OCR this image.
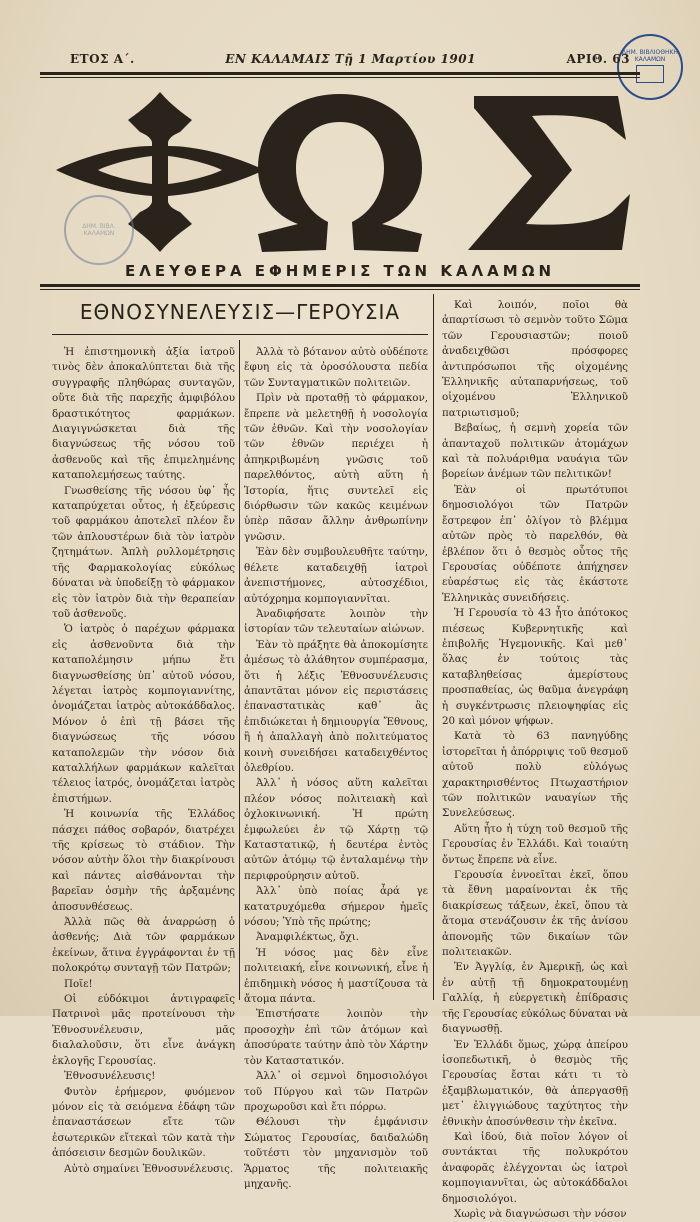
ΔΗΜ. ΒΙΒΛΙΟΘΗΚΗ ΚΑΛΑΜΩΝ
ΕΤΟΣ Α΄.	ΕΝ ΚΑΛΑΜΑΙΣ Τῇ 1 Μαρτίου 1901	ΑΡΙΘ. 63
ΔΗΜ. ΒΙΒΛ. ΚΑΛΑΜΩΝ
ΕΛΕΥΘΕΡΑ ΕΦΗΜΕΡΙΣ ΤΩΝ ΚΑΛΑΜΩΝ
ΕΘΝΟΣΥΝΕΛΕΥΣΙΣ—ΓΕΡΟΥΣΙΑ

Ἡ ἐπιστημονικὴ ἀξία ἰατροῦ τινὸς δὲν ἀποκαλύπτεται διὰ τῆς συγγραφῆς πληθώρας συνταγῶν, οὔτε διὰ τῆς παρεχῆς ἀμφιβόλου δραστικότητος φαρμάκων. Διαγιγνώσκεται διὰ τῆς διαγνώσεως τῆς νόσου τοῦ ἀσθενοῦς καὶ τῆς ἐπιμελημένης καταπολεμήσεως ταύτης.

Γνωσθείσης τῆς νόσου ὑφ᾽ ἧς καταπρύχεται οὗτος, ἡ ἐξεύρεσις τοῦ φαρμάκου ἀποτελεῖ πλέον ἔν τῶν ἁπλουστέρων διὰ τὸν ἰατρὸν ζητημάτων. Ἁπλὴ ρυλλομέτρησις τῆς Φαρμακολογίας εὐκόλως δύναται νὰ ὑποδείξῃ τὸ φάρμακον εἰς τὸν ἰατρὸν διὰ τὴν θεραπείαν τοῦ ἀσθενοῦς.

Ὁ ἰατρὸς ὁ παρέχων φάρμακα εἰς ἀσθενοῦντα διὰ τὴν καταπολέμησιν μήπω ἔτι διαγνωσθείσης ὑπ᾽ αὐτοῦ νόσου, λέγεται ἰατρὸς κομπογιαννίτης, ὀνομάζεται ἰατρὸς αὐτοκάδδαλος. Μόνον ὁ ἐπὶ τῇ βάσει τῆς διαγνώσεως τῆς νόσου καταπολεμῶν τὴν νόσον διὰ καταλλήλων φαρμάκων καλεῖται τέλειος ἰατρός, ὀνομάζεται ἰατρὸς ἐπιστήμων.

Ἡ κοινωνία τῆς Ἑλλάδος πάσχει πάθος σοβαρόν, διατρέχει τῆς κρίσεως τὸ στάδιον. Τὴν νόσον αὐτὴν ὅλοι τὴν διακρίνουσι καὶ πάντες αἰσθάνονται τὴν βαρεῖαν ὀσμὴν τῆς ἀρξαμένης ἀποσυνθέσεως.

Ἀλλὰ πῶς θὰ ἀναρρώσῃ ὁ ἀσθενής; Διὰ τῶν φαρμάκων ἐκείνων, ἅτινα ἐγγράφονται ἐν τῇ πολοκρότῳ συνταγῇ τῶν Πατρῶν;

Ποῖε!

Οἱ εὐδόκιμοι ἀντιγραφεῖς Πατρινοὶ μᾶς προτείνουσι τὴν Ἐθνοσυνέλευσιν, μᾶς διαλαλοῦσιν, ὅτι εἶνε ἀνάγκη ἐκλογῆς Γερουσίας.

Ἐθνοσυνέλευσις!

Φυτὸν ἐρήμερον, φυόμενον μόνον εἰς τὰ σειόμενα ἐδάφη τῶν ἐπαναστάσεων εἴτε τῶν ἐσωτερικῶν εἴτεκαὶ τῶν κατὰ τὴν ἀπόσεισιν δεσμῶν δουλικῶν.

Αὐτὸ σημαίνει Ἐθνοσυνέλευσις.

Ἀλλὰ τὸ βότανον αὐτὸ οὐδέποτε ἔφυη εἰς τὰ ὀροσόλουστα πεδία τῶν Συνταγματικῶν πολιτειῶν.

Πρὶν νὰ προταθῇ τὸ φάρμακον, ἔπρεπε νὰ μελετηθῇ ἡ νοσολογία τῶν ἐθνῶν. Καὶ τὴν νοσολογίαν τῶν ἐθνῶν περιέχει ἡ ἀπηκριβωμένη γνῶσις τοῦ παρελθόντος, αὐτὴ αὕτη ἡ Ἱστορία, ἥτις συντελεῖ εἰς διόρθωσιν τῶν κακῶς κειμένων ὑπὲρ πᾶσαν ἄλλην ἀνθρωπίνην γνῶσιν.

Ἐὰν δὲν συμβουλευθῆτε ταύτην, θέλετε καταδειχθῇ ἰατροὶ ἀνεπιστήμονες, αὐτοσχέδιοι, αὐτόχρημα κομπογιαννῖται.

Ἀναδιφήσατε λοιπὸν τὴν ἱστορίαν τῶν τελευταίων αἰώνων.

Ἐὰν τὸ πράξητε θὰ ἀποκομίσητε ἀμέσως τὸ ἀλάθητον συμπέρασμα, ὅτι ἡ λέξις Ἐθνοσυνέλευσις ἀπαντᾶται μόνον εἰς περιστάσεις ἐπαναστατικὰς καθ᾽ ἃς ἐπιδιώκεται ἡ δημιουργία Ἔθνους, ἢ ἡ ἀπαλλαγὴ ἀπὸ πολιτεύματος κοινὴ συνειδήσει καταδειχθέντος ὀλεθρίου.

Ἀλλ᾽ ἡ νόσος αὕτη καλεῖται πλέον νόσος πολιτειακὴ καὶ ὀχλοκινωνική. Ἡ πρώτη ἐμφωλεύει ἐν τῷ Χάρτῃ τῷ Καταστατικῷ, ἡ δευτέρα ἐντὸς αὐτῶν ἀτόμῳ τῷ ἐνταλαμένῳ τὴν περιφρούρησιν αὐτοῦ.

Ἀλλ᾽ ὑπὸ ποίας ἆρά γε κατατρυχόμεθα σήμερον ἡμεῖς νόσου; Ὑπὸ τῆς πρώτης;

Ἀναμφιλέκτως, ὄχι.

Ἡ νόσος μας δὲν εἶνε πολιτειακή, εἶνε κοινωνική, εἶνε ἡ ἐπιδημικὴ νόσος ἡ μαστίζουσα τὰ ἄτομα πάντα.

Ἐπιστήσατε λοιπὸν τὴν προσοχὴν ἐπὶ τῶν ἀτόμων καὶ ἀποσύρατε ταύτην ἀπὸ τὸν Χάρτην τὸν Καταστατικόν.

Ἀλλ᾽ οἱ σεμνοὶ δημοσιολόγοι τοῦ Πύργου καὶ τῶν Πατρῶν προχωροῦσι καὶ ἔτι πόρρω.

Θέλουσι τὴν ἐμφάνισιν Σώματος Γερουσίας, δαιδαλώδη τοῦτέστι τὸν μηχανισμὸν τοῦ Ἅρματος τῆς πολιτειακῆς μηχανῆς.

Καὶ λοιπόν, ποῖοι θὰ ἀπαρτίσωσι τὸ σεμνὸν τοῦτο Σῶμα τῶν Γερουσιαστῶν; ποιοῦ ἀναδειχθῶσι πρόσφορες ἀντιπρόσωποι τῆς οἰχομένης Ἑλληνικῆς αὐταπαρνήσεως, τοῦ οἰχομένου Ἑλληνικοῦ πατριωτισμοῦ;

Βεβαίως, ἡ σεμνὴ χορεία τῶν ἁπανταχοῦ πολιτικῶν ἀτομάχων καὶ τὰ πολυάριθμα ναυάγια τῶν βορείων ἀνέμων τῶν πελιτικῶν!

Ἐὰν οἱ πρωτότυποι δημοσιολόγοι τῶν Πατρῶν ἔστρεφον ἐπ᾽ ὀλίγον τὸ βλέμμα αὐτῶν πρὸς τὸ παρελθόν, θὰ ἐβλέπον ὅτι ὁ θεσμὸς οὗτος τῆς Γερουσίας οὐδέποτε ἀπήχησεν εὐαρέστως εἰς τὰς ἑκάστοτε Ἑλληνικὰς συνειδήσεις.

Ἡ Γερουσία τὸ 43 ἦτο ἀπότοκος πιέσεως Κυβερνητικῆς καὶ ἐπιβολῆς Ἡγεμονικῆς. Καὶ μεθ᾽ ὅλας ἐν τούτοις τὰς καταβληθείσας ἀμερίστους προσπαθείας, ὡς θαῦμα ἀνεγράφη ἡ συγκέντρωσις πλειοψηφίας εἰς 20 καὶ μόνον ψήφων.

Κατὰ τὸ 63 πανηγύδης ἱστορεῖται ἡ ἀπόρριψις τοῦ θεσμοῦ αὐτοῦ πολὺ εὐλόγως χαρακτηρισθέντος Πτωχαστήριον τῶν πολιτικῶν ναυαγίων τῆς Συνελεύσεως.

Αὕτη ἦτο ἡ τύχη τοῦ θεσμοῦ τῆς Γερουσίας ἐν Ἑλλάδι. Καὶ τοιαύτη ὄντως ἔπρεπε νὰ εἶνε.

Γερουσία ἐννοεῖται ἐκεῖ, ὅπου τὰ ἔθνη μαραίνονται ἐκ τῆς διακρίσεως τάξεων, ἐκεῖ, ὅπου τὰ ἄτομα στενάζουσιν ἐκ τῆς ἀνίσου ἀπονομῆς τῶν δικαίων τῶν πολιτειακῶν.

Ἐν Ἀγγλίᾳ, ἐν Ἀμερικῇ, ὡς καὶ ἐν αὐτῇ τῇ δημοκρατουμένῃ Γαλλίᾳ, ἡ εὐεργετικὴ ἐπίδρασις τῆς Γερουσίας εὐκόλως δύναται νὰ διαγνωσθῇ.

Ἐν Ἑλλάδι ὅμως, χώρᾳ ἀπείρου ἰσοπεδωτικῆ, ὁ θεσμὸς τῆς Γερουσίας ἔσται κάτι τι τὸ ἐξαμβλωματικόν, θὰ ἀπεργασθῇ μετ᾽ ἐλιγγιώδους ταχύτητος τὴν ἐθνικὴν ἀποσύνθεσιν τὴν ἐκεῖνα.

Καὶ ἰδού, διὰ ποῖον λόγον οἱ συντάκται τῆς πολυκρότου ἀναφορᾶς ἐλέγχονται ὡς ἰατροὶ κομπογιαννῖται, ὡς αὐτοκάδδαλοι δημοσιολόγοι.

Χωρὶς νὰ διαγνώσωσι τὴν νόσον
